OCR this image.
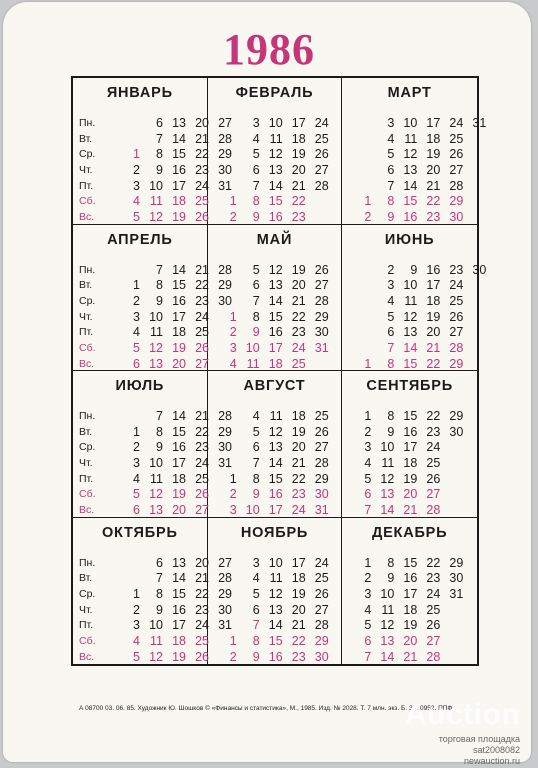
1986
ЯНВАРЬ
Пн.
Вт.
Ср.
Чт.
Пт.
Сб.
Вс.
1
2
3
4
5
6
7
8
9
10
11
12
13
14
15
16
17
18
19
20
21
22
23
24
25
26
27
28
29
30
31
ФЕВРАЛЬ
1
2
3
4
5
6
7
8
9
10
11
12
13
14
15
16
17
18
19
20
21
22
23
24
25
26
27
28
МАРТ
1
2
3
4
5
6
7
8
9
10
11
12
13
14
15
16
17
18
19
20
21
22
23
24
25
26
27
28
29
30
31
АПРЕЛЬ
Пн.
Вт.
Ср.
Чт.
Пт.
Сб.
Вс.
1
2
3
4
5
6
7
8
9
10
11
12
13
14
15
16
17
18
19
20
21
22
23
24
25
26
27
28
29
30
МАЙ
1
2
3
4
5
6
7
8
9
10
11
12
13
14
15
16
17
18
19
20
21
22
23
24
25
26
27
28
29
30
31
ИЮНЬ
1
2
3
4
5
6
7
8
9
10
11
12
13
14
15
16
17
18
19
20
21
22
23
24
25
26
27
28
29
30
ИЮЛЬ
Пн.
Вт.
Ср.
Чт.
Пт.
Сб.
Вс.
1
2
3
4
5
6
7
8
9
10
11
12
13
14
15
16
17
18
19
20
21
22
23
24
25
26
27
28
29
30
31
АВГУСТ
1
2
3
4
5
6
7
8
9
10
11
12
13
14
15
16
17
18
19
20
21
22
23
24
25
26
27
28
29
30
31
СЕНТЯБРЬ
1
2
3
4
5
6
7
8
9
10
11
12
13
14
15
16
17
18
19
20
21
22
23
24
25
26
27
28
29
30
ОКТЯБРЬ
Пн.
Вт.
Ср.
Чт.
Пт.
Сб.
Вс.
1
2
3
4
5
6
7
8
9
10
11
12
13
14
15
16
17
18
19
20
21
22
23
24
25
26
27
28
29
30
31
НОЯБРЬ
1
2
3
4
5
6
7
8
9
10
11
12
13
14
15
16
17
18
19
20
21
22
23
24
25
26
27
28
29
30
ДЕКАБРЬ
1
2
3
4
5
6
7
8
9
10
11
12
13
14
15
16
17
18
19
20
21
22
23
24
25
26
27
28
29
30
31
А 08700 03. 06. 85. Художник Ю. Шошков © «Финансы и статистика», М., 1985. Изд. № 2028. Т. 7 млн. экз. Б. З. 10952. ППФ.
Auction
торговая площадка
sat2008082
newauction.ru
